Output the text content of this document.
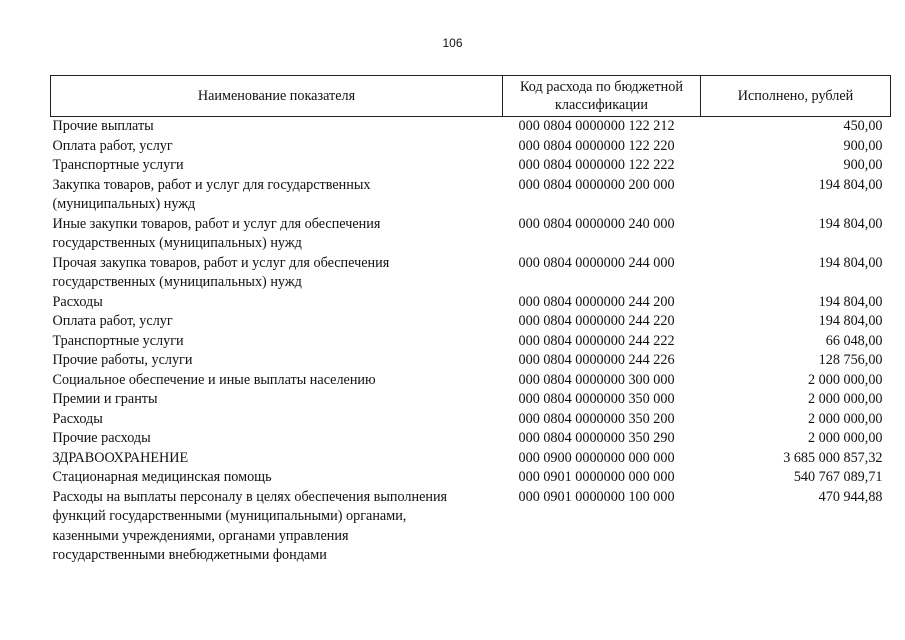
106
Наименование показателя	Код расхода по бюджетной классификации	Исполнено, рублей

Прочие выплаты	000 0804 0000000 122 212	450,00

Оплата работ, услуг	000 0804 0000000 122 220	900,00

Транспортные услуги	000 0804 0000000 122 222	900,00

Закупка товаров, работ и услуг для государственных
(муниципальных) нужд	000 0804 0000000 200 000	194 804,00

Иные закупки товаров, работ и услуг для обеспечения
государственных (муниципальных) нужд	000 0804 0000000 240 000	194 804,00

Прочая закупка товаров, работ и услуг для обеспечения
государственных (муниципальных) нужд	000 0804 0000000 244 000	194 804,00

Расходы	000 0804 0000000 244 200	194 804,00

Оплата работ, услуг	000 0804 0000000 244 220	194 804,00

Транспортные услуги	000 0804 0000000 244 222	66 048,00

Прочие работы, услуги	000 0804 0000000 244 226	128 756,00

Социальное обеспечение и иные выплаты населению	000 0804 0000000 300 000	2 000 000,00

Премии и гранты	000 0804 0000000 350 000	2 000 000,00

Расходы	000 0804 0000000 350 200	2 000 000,00

Прочие расходы	000 0804 0000000 350 290	2 000 000,00

ЗДРАВООХРАНЕНИЕ	000 0900 0000000 000 000	3 685 000 857,32

Стационарная медицинская помощь	000 0901 0000000 000 000	540 767 089,71

Расходы на выплаты персоналу в целях обеспечения выполнения
функций государственными (муниципальными) органами,
казенными учреждениями, органами управления
государственными внебюджетными фондами	000 0901 0000000 100 000	470 944,88
